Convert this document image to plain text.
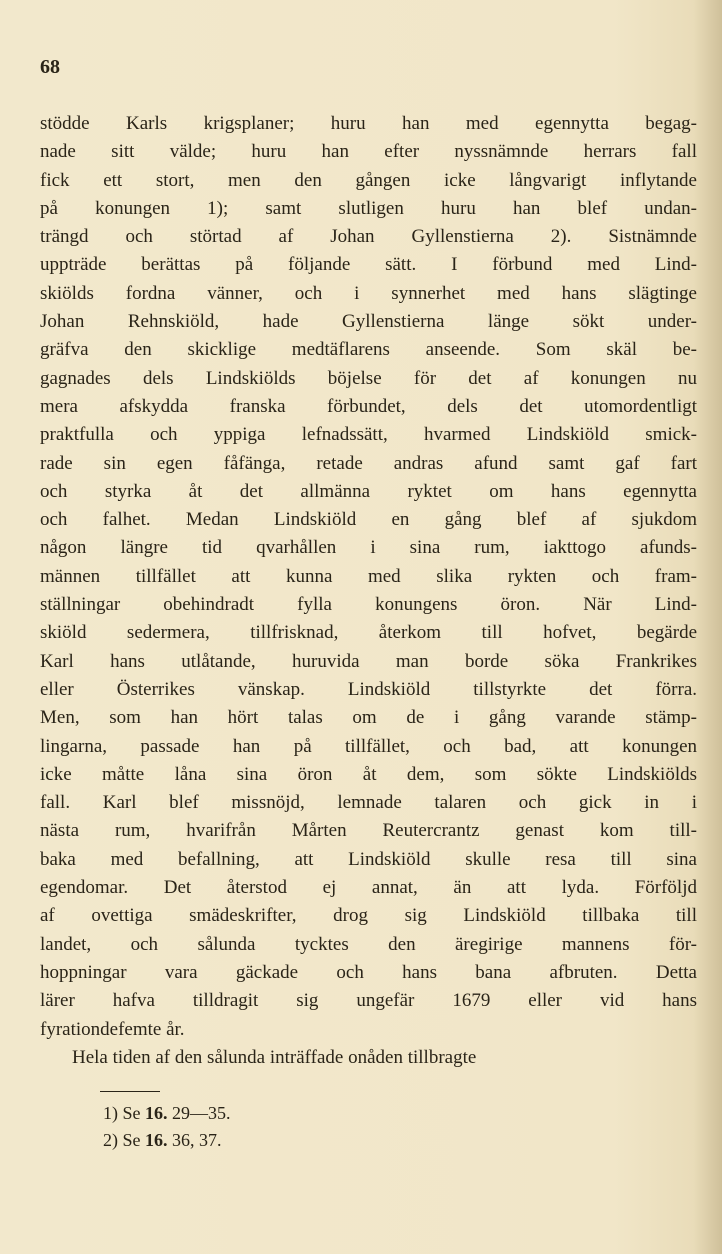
68
stödde Karls krigsplaner; huru han med egennytta begag-
nade sitt välde; huru han efter nyssnämnde herrars fall
fick ett stort, men den gången icke långvarigt inflytande
på konungen 1); samt slutligen huru han blef undan-
trängd och störtad af Johan Gyllenstierna 2). Sistnämnde
uppträde berättas på följande sätt. I förbund med Lind-
skiölds fordna vänner, och i synnerhet med hans slägtinge
Johan Rehnskiöld, hade Gyllenstierna länge sökt under-
gräfva den skicklige medtäflarens anseende. Som skäl be-
gagnades dels Lindskiölds böjelse för det af konungen nu
mera afskydda franska förbundet, dels det utomordentligt
praktfulla och yppiga lefnadssätt, hvarmed Lindskiöld smick-
rade sin egen fåfänga, retade andras afund samt gaf fart
och styrka åt det allmänna ryktet om hans egennytta
och falhet. Medan Lindskiöld en gång blef af sjukdom
någon längre tid qvarhållen i sina rum, iakttogo afunds-
männen tillfället att kunna med slika rykten och fram-
ställningar obehindradt fylla konungens öron. När Lind-
skiöld sedermera, tillfrisknad, återkom till hofvet, begärde
Karl hans utlåtande, huruvida man borde söka Frankrikes
eller Österrikes vänskap. Lindskiöld tillstyrkte det förra.
Men, som han hört talas om de i gång varande stämp-
lingarna, passade han på tillfället, och bad, att konungen
icke måtte låna sina öron åt dem, som sökte Lindskiölds
fall. Karl blef missnöjd, lemnade talaren och gick in i
nästa rum, hvarifrån Mårten Reutercrantz genast kom till-
baka med befallning, att Lindskiöld skulle resa till sina
egendomar. Det återstod ej annat, än att lyda. Förföljd
af ovettiga smädeskrifter, drog sig Lindskiöld tillbaka till
landet, och sålunda tycktes den äregirige mannens för-
hoppningar vara gäckade och hans bana afbruten. Detta
lärer hafva tilldragit sig ungefär 1679 eller vid hans
fyrationdefemte år.
Hela tiden af den sålunda inträffade onåden tillbragte
1) Se 16. 29—35.
2) Se 16. 36, 37.
